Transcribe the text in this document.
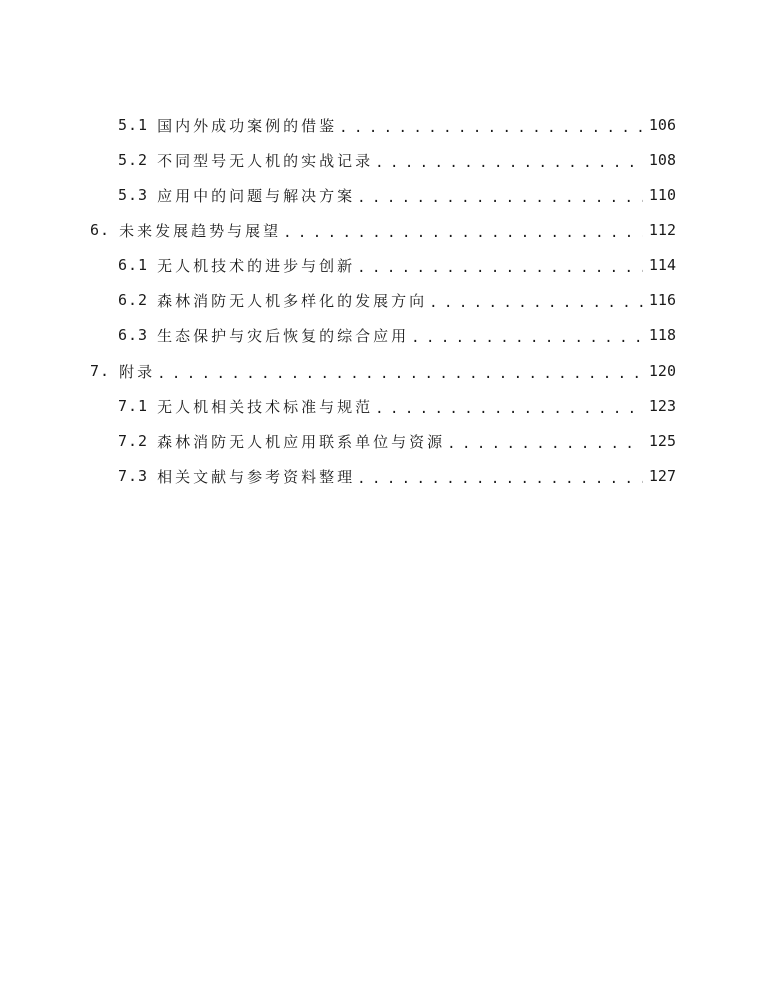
5.1 国内外成功案例的借鉴 . . .	106
5.2 不同型号无人机的实战记录 . . .	108
5.3 应用中的问题与解决方案 . . .	110
6. 未来发展趋势与展望 . . .	112
6.1 无人机技术的进步与创新 . . .	114
6.2 森林消防无人机多样化的发展方向 . . .	116
6.3 生态保护与灾后恢复的综合应用 . . .	118
7. 附录 . . .	120
7.1 无人机相关技术标准与规范 . . .	123
7.2 森林消防无人机应用联系单位与资源 . . .	125
7.3 相关文献与参考资料整理 . . .	127
